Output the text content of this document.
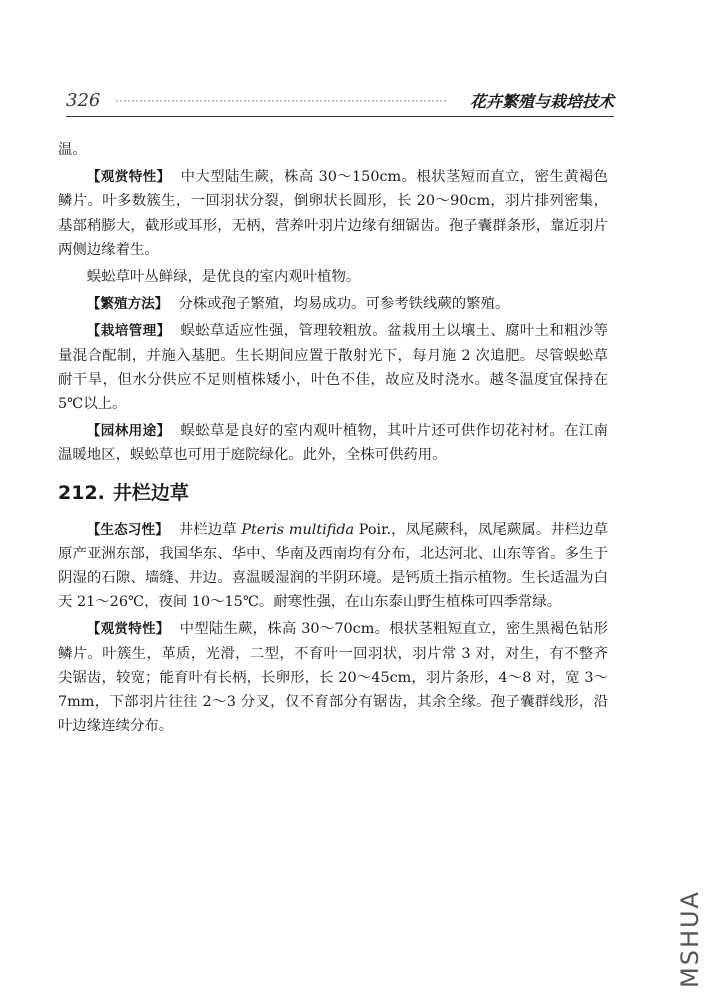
326	花卉繁殖与栽培技术

温。

【观赏特性】 中大型陆生蕨，株高 30～150cm。根状茎短而直立，密生黄褐色鳞片。叶多数簇生，一回羽状分裂，倒卵状长圆形，长 20～90cm，羽片排列密集，基部稍膨大，截形或耳形，无柄，营养叶羽片边缘有细锯齿。孢子囊群条形，靠近羽片两侧边缘着生。

蜈蚣草叶丛鲜绿，是优良的室内观叶植物。

【繁殖方法】 分株或孢子繁殖，均易成功。可参考铁线蕨的繁殖。

【栽培管理】 蜈蚣草适应性强，管理较粗放。盆栽用土以壤土、腐叶土和粗沙等量混合配制，并施入基肥。生长期间应置于散射光下，每月施 2 次追肥。尽管蜈蚣草耐干旱，但水分供应不足则植株矮小，叶色不佳，故应及时浇水。越冬温度宜保持在 5℃以上。

【园林用途】 蜈蚣草是良好的室内观叶植物，其叶片还可供作切花衬材。在江南温暖地区，蜈蚣草也可用于庭院绿化。此外，全株可供药用。

212. 井栏边草

【生态习性】 井栏边草 Pteris multifida Poir.，凤尾蕨科，凤尾蕨属。井栏边草原产亚洲东部，我国华东、华中、华南及西南均有分布，北达河北、山东等省。多生于阴湿的石隙、墙缝、井边。喜温暖湿润的半阴环境。是钙质土指示植物。生长适温为白天 21～26℃，夜间 10～15℃。耐寒性强，在山东泰山野生植株可四季常绿。

【观赏特性】 中型陆生蕨，株高 30～70cm。根状茎粗短直立，密生黑褐色钻形鳞片。叶簇生，革质，光滑，二型，不育叶一回羽状，羽片常 3 对，对生，有不整齐尖锯齿，较宽；能育叶有长柄，长卵形，长 20～45cm，羽片条形，4～8 对，宽 3～7mm，下部羽片往往 2～3 分叉，仅不育部分有锯齿，其余全缘。孢子囊群线形，沿叶边缘连续分布。

MSHUA
